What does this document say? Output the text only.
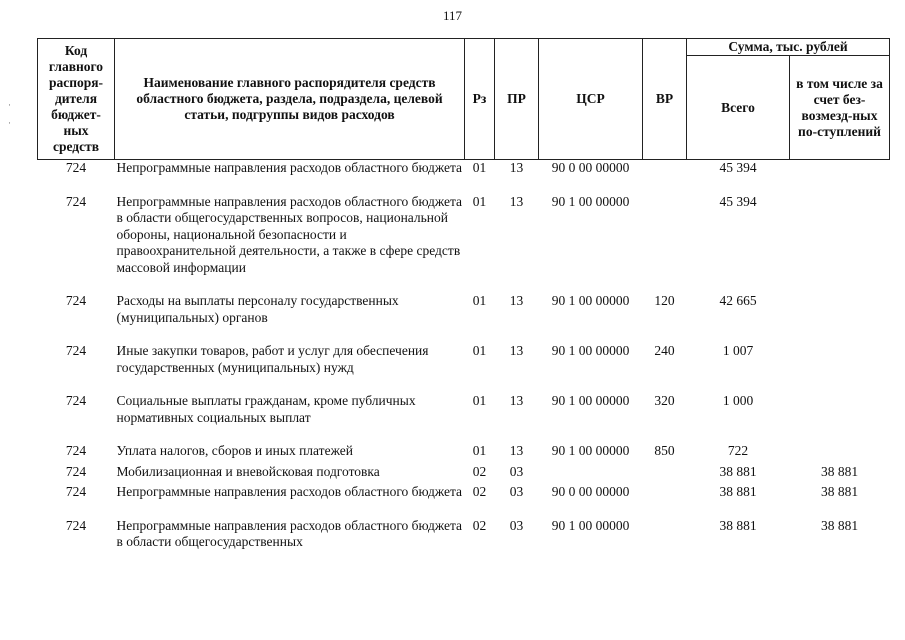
117
·
·
Код главного распоря-дителя бюджет-ных средств	Наименование главного распорядителя средств областного бюджета, раздела, подраздела, целевой статьи, подгруппы видов расходов	Рз	ПР	ЦСР	ВР	Сумма, тыс. рублей	
						Всего	в том числе за счет без-возмезд-ных по-ступлений
724	Непрограммные направления расходов областного бюджета	01	13	90 0 00 00000		45 394	
724	Непрограммные направления расходов областного бюджета в области общегосударственных вопросов, национальной обороны, национальной безопасности и правоохранительной деятельности, а также в сфере средств массовой информации	01	13	90 1 00 00000		45 394	
724	Расходы на выплаты персоналу государственных (муниципальных) органов	01	13	90 1 00 00000	120	42 665	
724	Иные закупки товаров, работ и услуг для обеспечения государственных (муниципальных) нужд	01	13	90 1 00 00000	240	1 007	
724	Социальные выплаты гражданам, кроме публичных нормативных социальных выплат	01	13	90 1 00 00000	320	1 000	
724	Уплата налогов, сборов и иных платежей	01	13	90 1 00 00000	850	722	
724	Мобилизационная и вневойсковая подготовка	02	03			38 881	38 881
724	Непрограммные направления расходов областного бюджета	02	03	90 0 00 00000		38 881	38 881
724	Непрограммные направления расходов областного бюджета в области общегосударственных	02	03	90 1 00 00000		38 881	38 881
